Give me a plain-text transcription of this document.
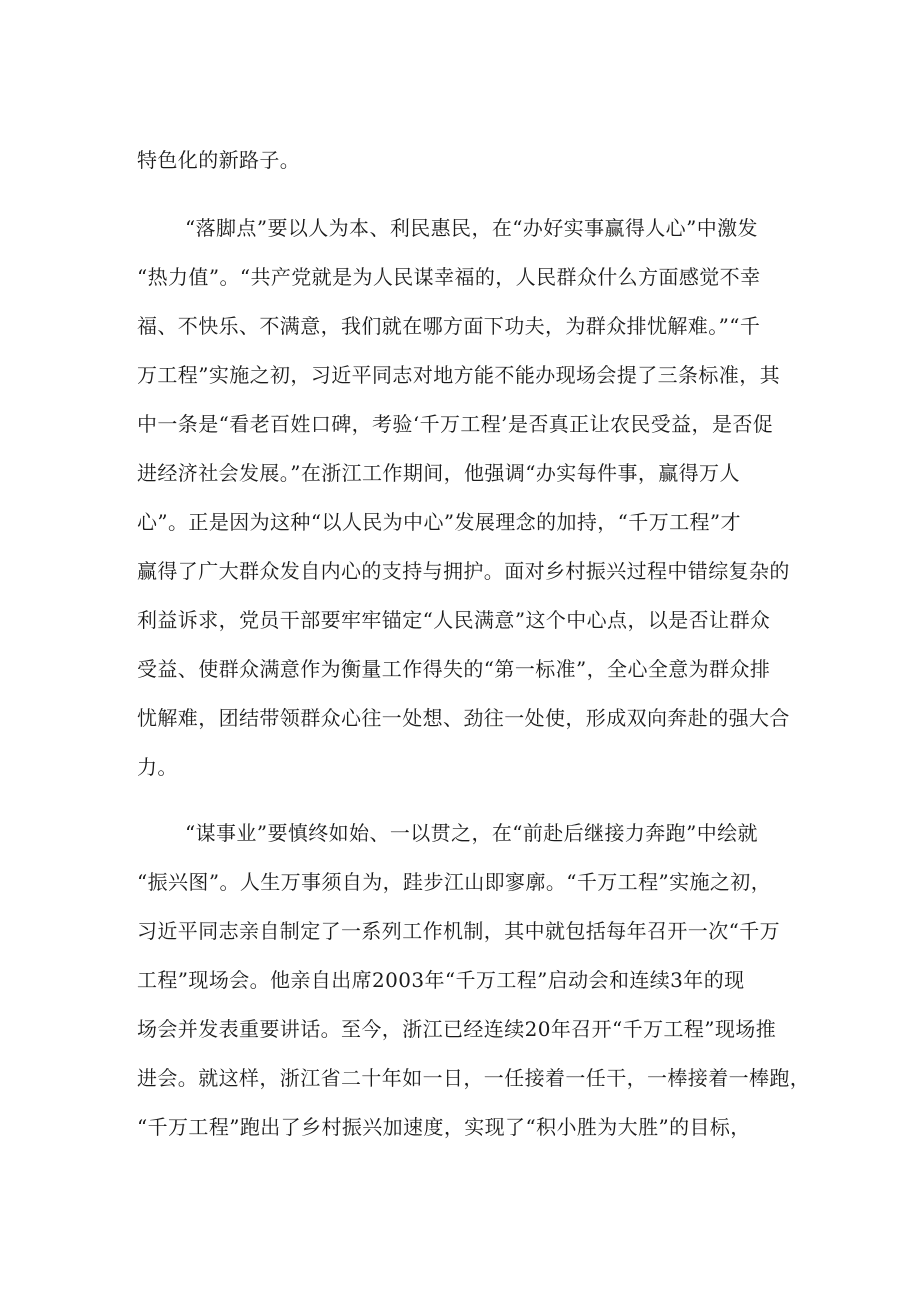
特色化的新路子。
“落脚点”要以人为本、利民惠民，在“办好实事赢得人心”中激发
“热力值”。“共产党就是为人民谋幸福的，人民群众什么方面感觉不幸
福、不快乐、不满意，我们就在哪方面下功夫，为群众排忧解难。”“千
万工程”实施之初，习近平同志对地方能不能办现场会提了三条标准，其
中一条是“看老百姓口碑，考验‘千万工程’是否真正让农民受益，是否促
进经济社会发展。”在浙江工作期间，他强调“办实每件事，赢得万人
心”。正是因为这种“以人民为中心”发展理念的加持，“千万工程”才
赢得了广大群众发自内心的支持与拥护。面对乡村振兴过程中错综复杂的
利益诉求，党员干部要牢牢锚定“人民满意”这个中心点，以是否让群众
受益、使群众满意作为衡量工作得失的“第一标准”，全心全意为群众排
忧解难，团结带领群众心往一处想、劲往一处使，形成双向奔赴的强大合
力。
“谋事业”要慎终如始、一以贯之，在“前赴后继接力奔跑”中绘就
“振兴图”。人生万事须自为，跬步江山即寥廓。“千万工程”实施之初，
习近平同志亲自制定了一系列工作机制，其中就包括每年召开一次“千万
工程”现场会。他亲自出席2003年“千万工程”启动会和连续3年的现
场会并发表重要讲话。至今，浙江已经连续20年召开“千万工程”现场推
进会。就这样，浙江省二十年如一日，一任接着一任干，一棒接着一棒跑，
“千万工程”跑出了乡村振兴加速度，实现了“积小胜为大胜”的目标，
